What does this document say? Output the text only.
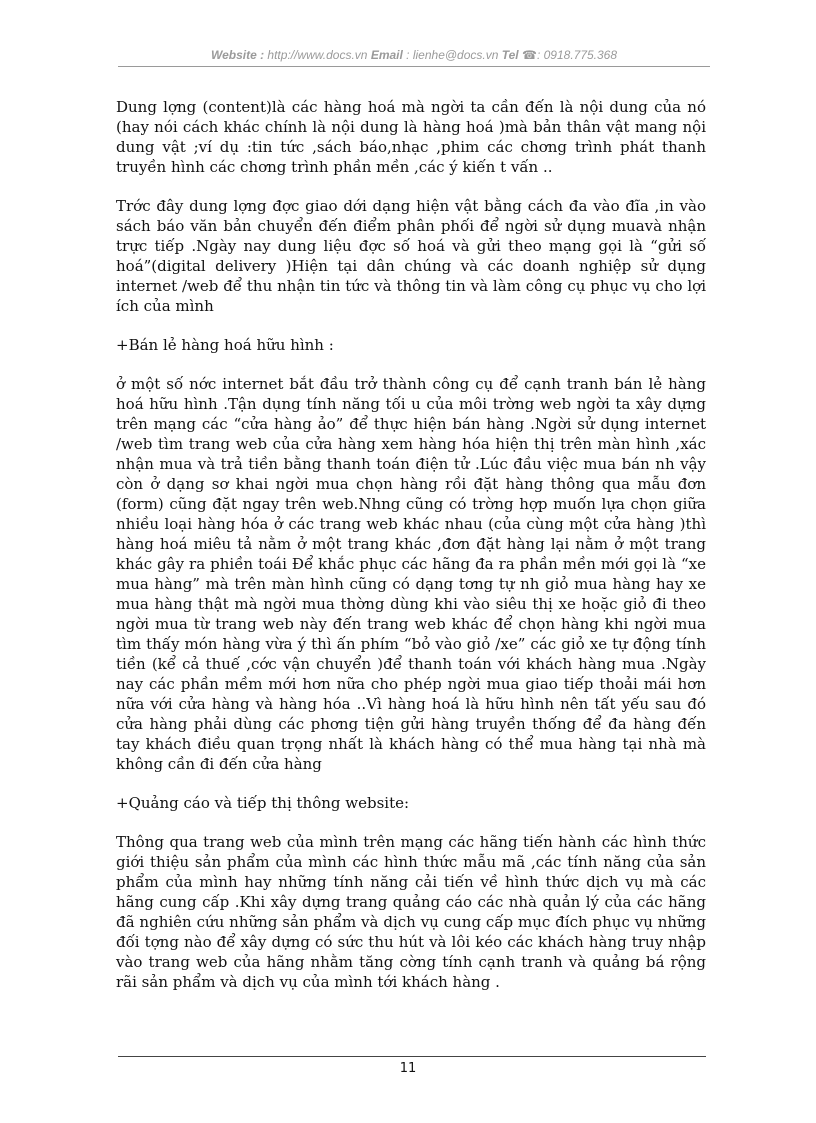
Website : http://www.docs.vn Email : lienhe@docs.vn Tel ☎: 0918.775.368

Dung lợng (content)là các hàng hoá mà ngời ta cần đến là nội dung của nó (hay nói cách khác chính là nội dung là hàng hoá )mà bản thân vật mang nội dung vật ;ví dụ :tin tức ,sách báo,nhạc ,phim các chơng trình phát thanh truyền hình các chơng trình phần mền ,các ý kiến t vấn ..

Trớc đây dung lợng đợc giao dới dạng hiện vật bằng cách đa vào đĩa ,in vào sách báo văn bản chuyển đến điểm phân phối để ngời sử dụng muavà nhận trực tiếp .Ngày nay dung liệu đợc số hoá và gửi theo mạng gọi là “gửi số hoá”(digital delivery )Hiện tại dân chúng và các doanh nghiệp sử dụng internet /web để thu nhận tin tức và thông tin và làm công cụ phục vụ cho lợi ích của mình

+Bán lẻ hàng hoá hữu hình :

ở một số nớc internet bắt đầu trở thành công cụ để cạnh tranh bán lẻ hàng hoá hữu hình .Tận dụng tính năng tối u của môi trờng web ngời ta xây dựng trên mạng các “cửa hàng ảo” để thực hiện bán hàng .Ngời sử dụng internet /web tìm trang web của cửa hàng xem hàng hóa hiện thị trên màn hình ,xác nhận mua và trả tiền bằng thanh toán điện tử .Lúc đầu việc mua bán nh vậy còn ở dạng sơ khai ngời mua chọn hàng rồi đặt hàng thông qua mẫu đơn (form) cũng đặt ngay trên web.Nhng cũng có trờng hợp muốn lựa chọn giữa nhiều loại hàng hóa ở các trang web khác nhau (của cùng một cửa hàng )thì hàng hoá miêu tả nằm ở một trang khác ,đơn đặt hàng lại nằm ở một trang khác gây ra phiền toái Để khắc phục các hãng đa ra phần mền mới gọi là “xe mua hàng” mà trên màn hình cũng có dạng tơng tự nh giỏ mua hàng hay xe mua hàng thật mà ngời mua thờng dùng khi vào siêu thị xe hoặc giỏ đi theo ngời mua từ trang web này đến trang web khác để chọn hàng khi ngời mua tìm thấy món hàng vừa ý thì ấn phím “bỏ vào giỏ /xe” các giỏ xe tự động tính tiền (kể cả thuế ,cớc vận chuyển )để thanh toán với khách hàng mua .Ngày nay các phần mềm mới hơn nữa cho phép ngời mua giao tiếp thoải mái hơn nữa với cửa hàng và hàng hóa ..Vì hàng hoá là hữu hình nên tất yếu sau đó cửa hàng phải dùng các phơng tiện gửi hàng truyền thống để đa hàng đến tay khách điều quan trọng nhất là khách hàng có thể mua hàng tại nhà mà không cần đi đến cửa hàng

+Quảng cáo và tiếp thị thông website:

Thông qua trang web của mình trên mạng các hãng tiến hành các hình thức giới thiệu sản phẩm của mình các hình thức mẫu mã ,các tính năng của sản phẩm của mình hay những tính năng cải tiến về hình thức dịch vụ mà các hãng cung cấp .Khi xây dựng trang quảng cáo các nhà quản lý của các hãng đã nghiên cứu những sản phẩm và dịch vụ cung cấp mục đích phục vụ những đối tợng nào để xây dựng có sức thu hút và lôi kéo các khách hàng truy nhập vào trang web của hãng nhằm tăng cờng tính cạnh tranh và quảng bá rộng rãi sản phẩm và dịch vụ của mình tới khách hàng .

11
